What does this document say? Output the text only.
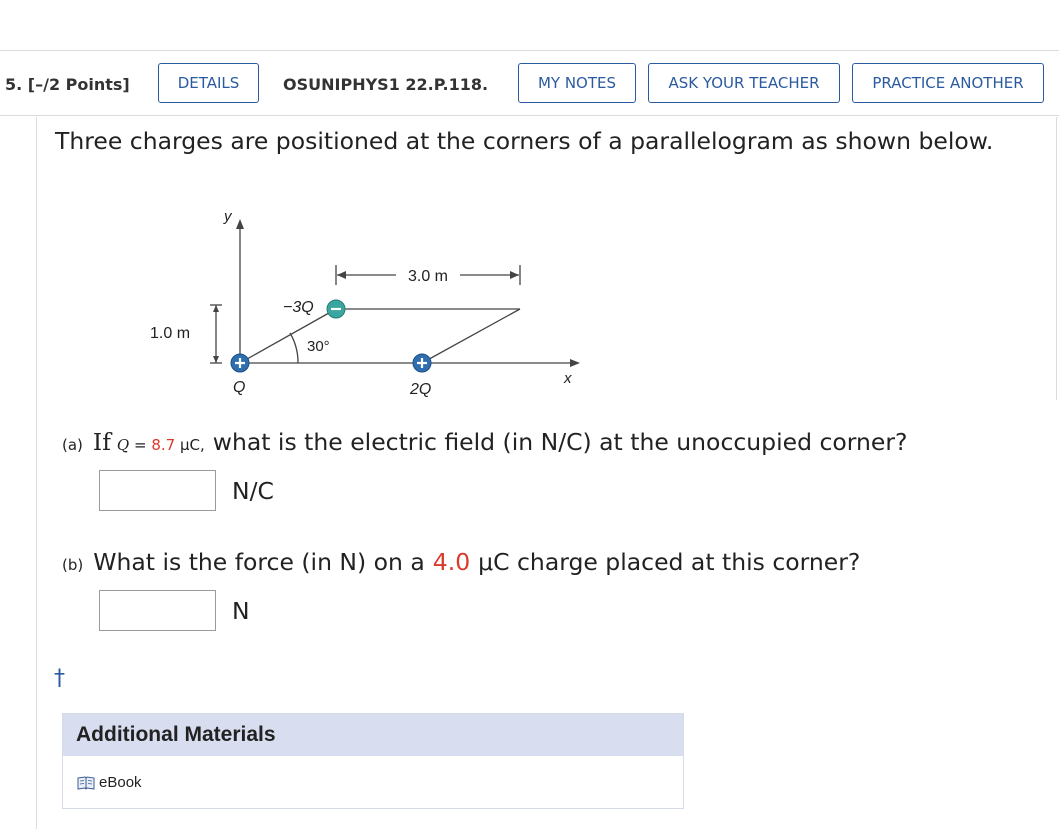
5. [–/2 Points]	DETAILS	OSUNIPHYS1 22.P.118.	MY NOTES	ASK YOUR TEACHER	PRACTICE ANOTHER
Three charges are positioned at the corners of a parallelogram as shown below.
y
x
3.0 m
1.0 m
30°
−3Q
Q	2Q
(a) If Q = 8.7 μC, what is the electric field (in N/C) at the unoccupied corner?
N/C
(b) What is the force (in N) on a 4.0 μC charge placed at this corner?
N
†
Additional Materials
eBook
